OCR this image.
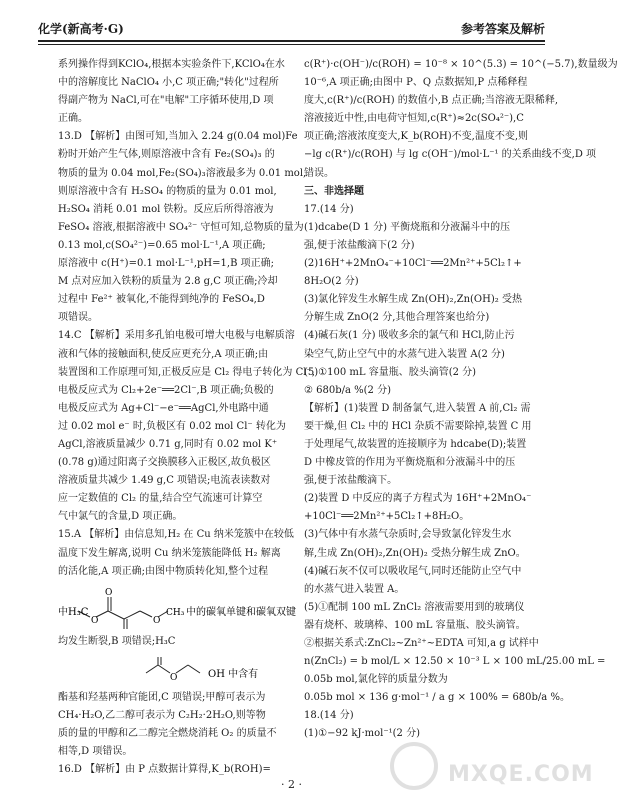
化学(新高考·G)	参考答案及解析

系列操作得到KClO₄,根据本实验条件下,KClO₄在水

中的溶解度比 NaClO₄ 小,C 项正确;"转化"过程所

得副产物为 NaCl,可在"电解"工序循环使用,D 项

正确。

13.D 【解析】由图可知,当加入 2.24 g(0.04 mol)Fe

粉时开始产生气体,则原溶液中含有 Fe₂(SO₄)₃ 的

物质的量为 0.04 mol,Fe₂(SO₄)₃溶液最多为 0.01 mol,

则原溶液中含有 H₂SO₄ 的物质的量为 0.01 mol,

H₂SO₄ 消耗 0.01 mol 铁粉。反应后所得溶液为

FeSO₄ 溶液,根据溶液中 SO₄²⁻ 守恒可知,总物质的量为

0.13 mol,c(SO₄²⁻)=0.65 mol·L⁻¹,A 项正确;

原溶液中 c(H⁺)=0.1 mol·L⁻¹,pH=1,B 项正确;

M 点对应加入铁粉的质量为 2.8 g,C 项正确;冷却

过程中 Fe²⁺ 被氧化,不能得到纯净的 FeSO₄,D

项错误。

14.C 【解析】采用多孔铂电极可增大电极与电解质溶

液和气体的接触面积,使反应更充分,A 项正确;由

装置图和工作原理可知,正极反应是 Cl₂ 得电子转化为 Cl⁻,

电极反应式为 Cl₂+2e⁻══2Cl⁻,B 项正确;负极的

电极反应式为 Ag+Cl⁻−e⁻══AgCl,外电路中通

过 0.02 mol e⁻ 时,负极区有 0.02 mol Cl⁻ 转化为

AgCl,溶液质量减少 0.71 g,同时有 0.02 mol K⁺

(0.78 g)通过阳离子交换膜移入正极区,故负极区

溶液质量共减少 1.49 g,C 项错误;电流表读数对

应一定数值的 Cl₂ 的量,结合空气流速可计算空

气中氯气的含量,D 项正确。

15.A 【解析】由信息知,H₂ 在 Cu 纳米笼簇中在较低

温度下发生解离,说明 Cu 纳米笼簇能降低 H₂ 解离

的活化能,A 项正确;由图中物质转化知,整个过程

中H₃C
O
O
O
CH₃ 中的碳氧单键和碳氧双键

均发生断裂,B 项错误;H₃C

O	OH 中含有

酯基和羟基两种官能团,C 项错误;甲醇可表示为

CH₄·H₂O,乙二醇可表示为 C₂H₂·2H₂O,则等物

质的量的甲醇和乙二醇完全燃烧消耗 O₂ 的质量不

相等,D 项错误。

16.D 【解析】由 P 点数据计算得,K_b(ROH)=

c(R⁺)·c(OH⁻)/c(ROH) = 10⁻⁸ × 10^(5.3) = 10^(−5.7),数量级为

10⁻⁶,A 项正确;由图中 P、Q 点数据知,P 点稀释程

度大,c(R⁺)/c(ROH) 的数值小,B 点正确;当溶液无限稀释,

溶液接近中性,由电荷守恒知,c(R⁺)≈2c(SO₄²⁻),C

项正确;溶液浓度变大,K_b(ROH)不变,温度不变,则

−lg c(R⁺)/c(ROH) 与 lg c(OH⁻)/mol·L⁻¹ 的关系曲线不变,D 项

错误。

三、非选择题

17.(14 分)

(1)dcabe(D 1 分) 平衡烧瓶和分液漏斗中的压

强,便于浓盐酸滴下(2 分)

(2)16H⁺+2MnO₄⁻+10Cl⁻══2Mn²⁺+5Cl₂↑+

8H₂O(2 分)

(3)氯化锌发生水解生成 Zn(OH)₂,Zn(OH)₂ 受热

分解生成 ZnO(2 分,其他合理答案也给分)

(4)碱石灰(1 分) 吸收多余的氯气和 HCl,防止污

染空气,防止空气中的水蒸气进入装置 A(2 分)

(5)①100 mL 容量瓶、胶头滴管(2 分)

② 680b/a %(2 分)

【解析】(1)装置 D 制备氯气,进入装置 A 前,Cl₂ 需

要干燥,但 Cl₂ 中的 HCl 杂质不需要除掉,装置 C 用

于处理尾气,故装置的连接顺序为 hdcabe(D);装置

D 中橡皮管的作用为平衡烧瓶和分液漏斗中的压

强,便于浓盐酸滴下。

(2)装置 D 中反应的离子方程式为 16H⁺+2MnO₄⁻

+10Cl⁻══2Mn²⁺+5Cl₂↑+8H₂O。

(3)气体中有水蒸气杂质时,会导致氯化锌发生水

解,生成 Zn(OH)₂,Zn(OH)₂ 受热分解生成 ZnO。

(4)碱石灰不仅可以吸收尾气,同时还能防止空气中

的水蒸气进入装置 A。

(5)①配制 100 mL ZnCl₂ 溶液需要用到的玻璃仪

器有烧杯、玻璃棒、100 mL 容量瓶、胶头滴管。

②根据关系式:ZnCl₂~Zn²⁺~EDTA 可知,a g 试样中

n(ZnCl₂) = b mol/L × 12.50 × 10⁻³ L × 100 mL/25.00 mL =

0.05b mol,氯化锌的质量分数为

0.05b mol × 136 g·mol⁻¹ / a g × 100% = 680b/a %。

18.(14 分)

(1)①−92 kJ·mol⁻¹(2 分)

· 2 ·	MXQE.COM
